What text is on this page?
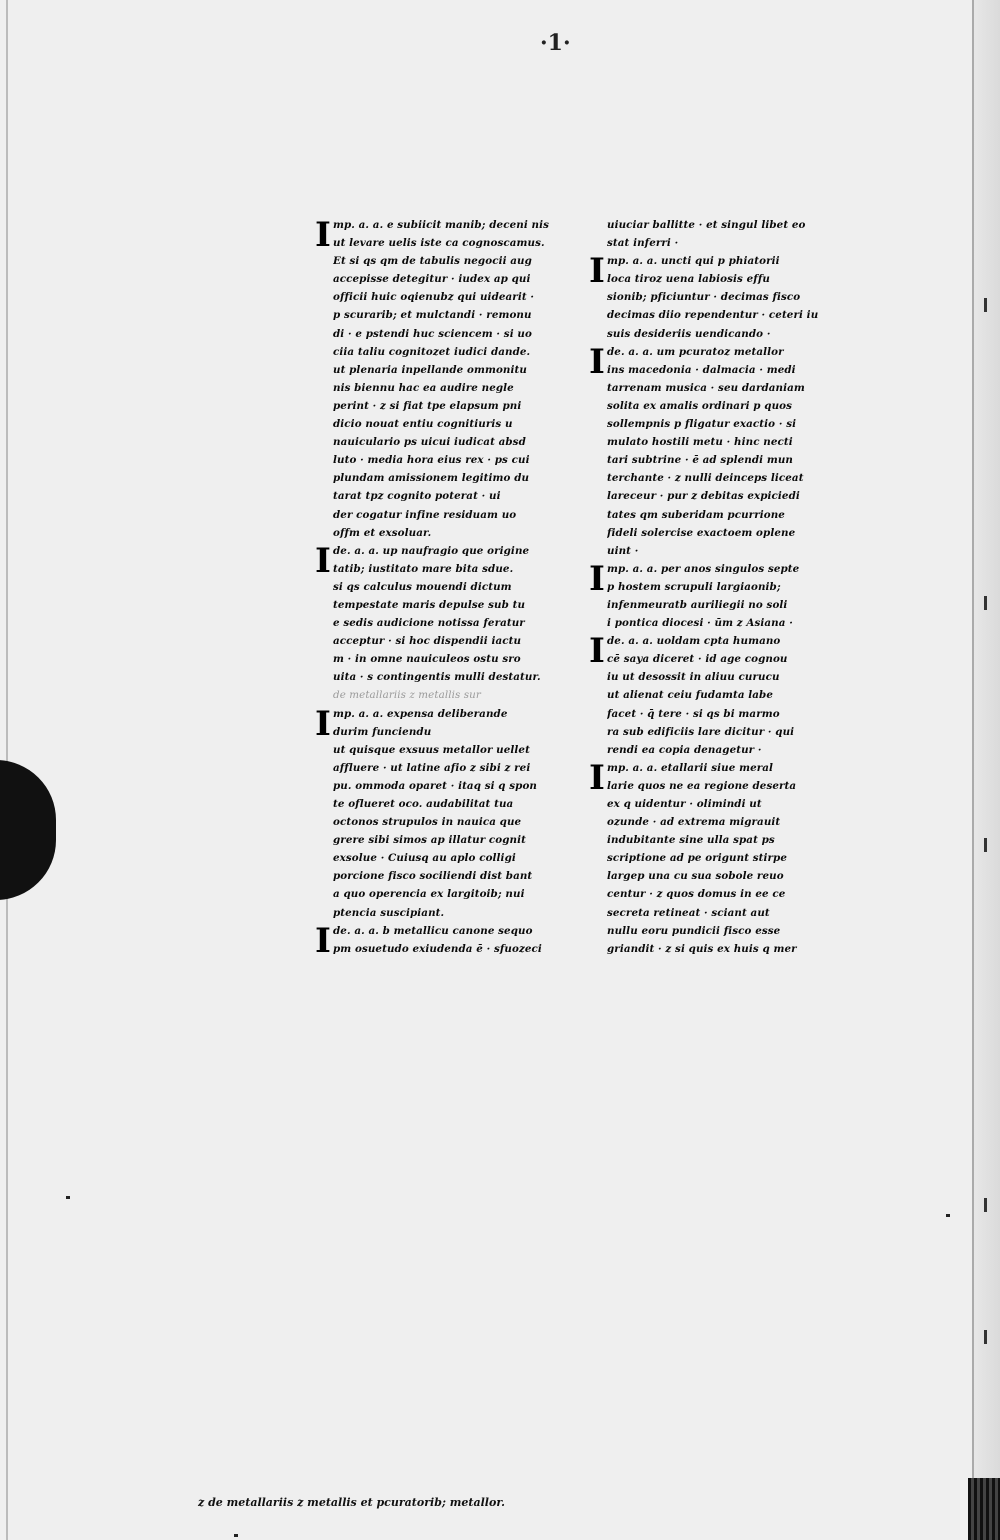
·1·
I mp. a. a. e subiicit manib; deceni nis
ut levare uelis iste ca cognoscamus.
Et si qs qm de tabulis negocii aug
accepisse detegitur · iudex ap qui
officii huic oqienubz qui uidearit ·
p scurarib; et mulctandi · remonu
di · e pstendi huc sciencem · si uo
ciia taliu cognitozet iudici dande.
ut plenaria inpellande ommonitu
nis biennu hac ea audire negle
perint · z si fiat tpe elapsum pni
dicio nouat entiu cognitiuris u
nauiculario ps uicui iudicat absd
luto · media hora eius rex · ps cui
plundam amissionem legitimo du
tarat tpz cognito poterat · ui
der cogatur infine residuam uo
offm et exsoluar.
I de. a. a. up naufragio que origine
tatib; iustitato mare bita sdue.
si qs calculus mouendi dictum
tempestate maris depulse sub tu
e sedis audicione notissa feratur
acceptur · si hoc dispendii iactu
m · in omne nauiculeos ostu sro
uita · s contingentis mulli destatur.
de metallariis z metallis sur
I mp. a. a. expensa deliberande
durim funciendu
ut quisque exsuus metallor uellet
affluere · ut latine afio z sibi z rei
pu. ommoda oparet · itaq si q spon
te oflueret oco. audabilitat tua
octonos strupulos in nauica que
grere sibi simos ap illatur cognit
exsolue · Cuiusq au aplo colligi
porcione fisco sociliendi dist bant
a quo operencia ex largitoib; nui
ptencia suscipiant.
I de. a. a. b metallicu canone sequo
pm osuetudo exiudenda ē · sfuozeci
uiuciar ballitte · et singul libet eo
stat inferri ·
I mp. a. a. uncti qui p phiatorii
loca tiroz uena labiosis effu
sionib; pficiuntur · decimas fisco
decimas diio rependentur · ceteri iu
suis desideriis uendicando ·
I de. a. a. um pcuratoz metallor
ins macedonia · dalmacia · medi
tarrenam musica · seu dardaniam
solita ex amalis ordinari p quos
sollempnis p fligatur exactio · si
mulato hostili metu · hinc necti
tari subtrine · ē ad splendi mun
terchante · z nulli deinceps liceat
lareceur · pur z debitas expiciedi
tates qm suberidam pcurrione
fideli solercise exactoem oplene
uint ·
I mp. a. a. per anos singulos septe
p hostem scrupuli largiaonib;
infenmeuratb auriliegii no soli
i pontica diocesi · ūm z Asiana ·
I de. a. a. uoldam cpta humano
cē saya diceret · id age cognou
iu ut desossit in aliuu curucu
ut alienat ceiu fudamta labe
facet · q̄ tere · si qs bi marmo
ra sub edificiis lare dicitur · qui
rendi ea copia denagetur ·
I mp. a. a. etallarii siue meral
larie quos ne ea regione deserta
ex q uidentur · olimindi ut
ozunde · ad extrema migrauit
indubitante sine ulla spat ps
scriptione ad pe origunt stirpe
largep una cu sua sobole reuo
centur · z quos domus in ee ce
secreta retineat · sciant aut
nullu eoru pundicii fisco esse
griandit · z si quis ex huis q mer
z de metallariis z metallis et pcuratorib; metallor.
